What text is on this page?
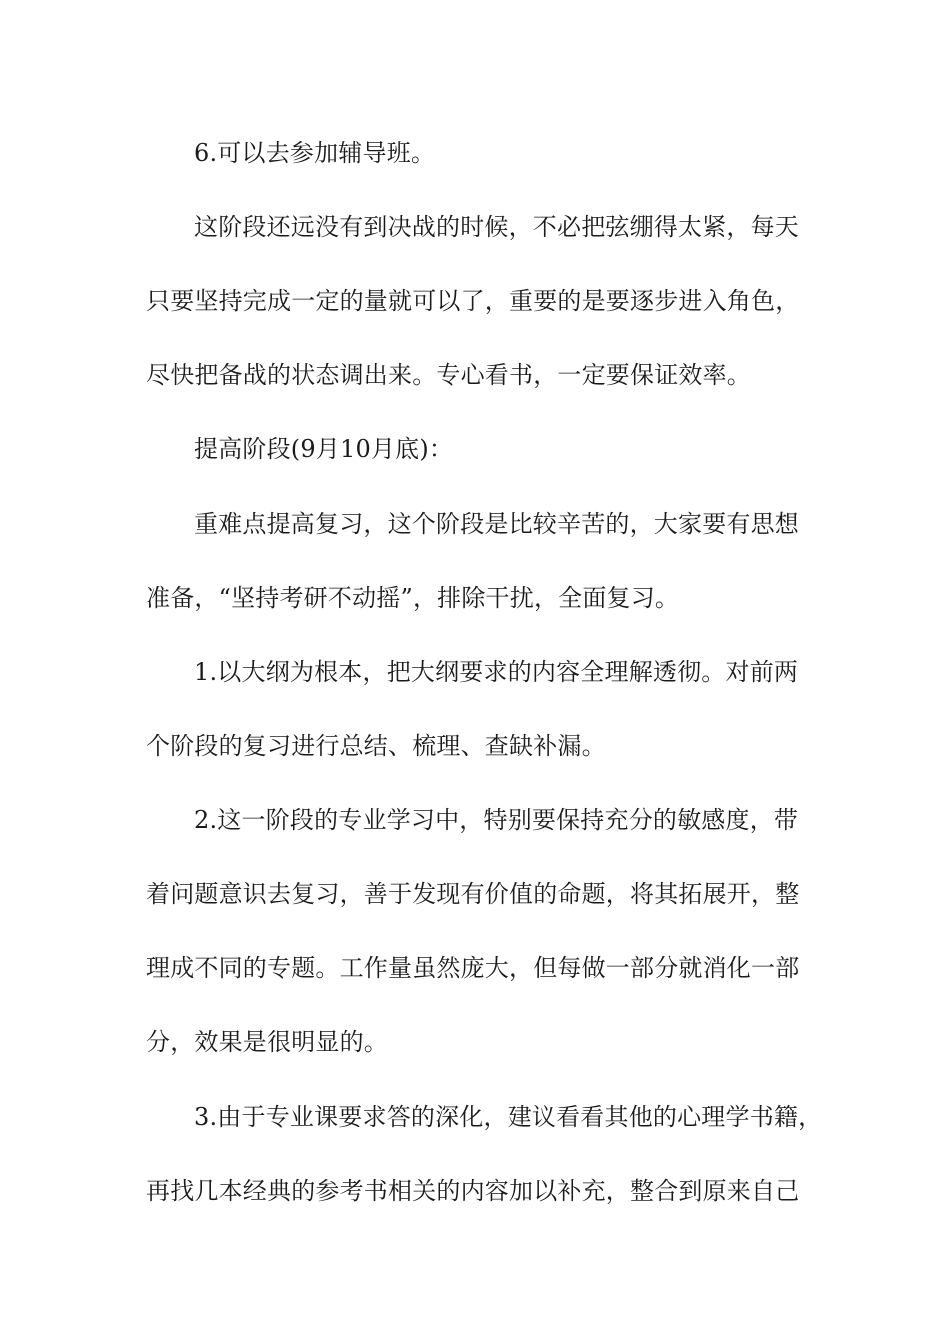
6.可以去参加辅导班。
这阶段还远没有到决战的时候，不必把弦绷得太紧，每天
只要坚持完成一定的量就可以了，重要的是要逐步进入角色，
尽快把备战的状态调出来。专心看书，一定要保证效率。
提高阶段(9月10月底)：
重难点提高复习，这个阶段是比较辛苦的，大家要有思想
准备，“坚持考研不动摇”，排除干扰，全面复习。
1.以大纲为根本，把大纲要求的内容全理解透彻。对前两
个阶段的复习进行总结、梳理、查缺补漏。
2.这一阶段的专业学习中，特别要保持充分的敏感度，带
着问题意识去复习，善于发现有价值的命题，将其拓展开，整
理成不同的专题。工作量虽然庞大，但每做一部分就消化一部
分，效果是很明显的。
3.由于专业课要求答的深化，建议看看其他的心理学书籍，
再找几本经典的参考书相关的内容加以补充，整合到原来自己
